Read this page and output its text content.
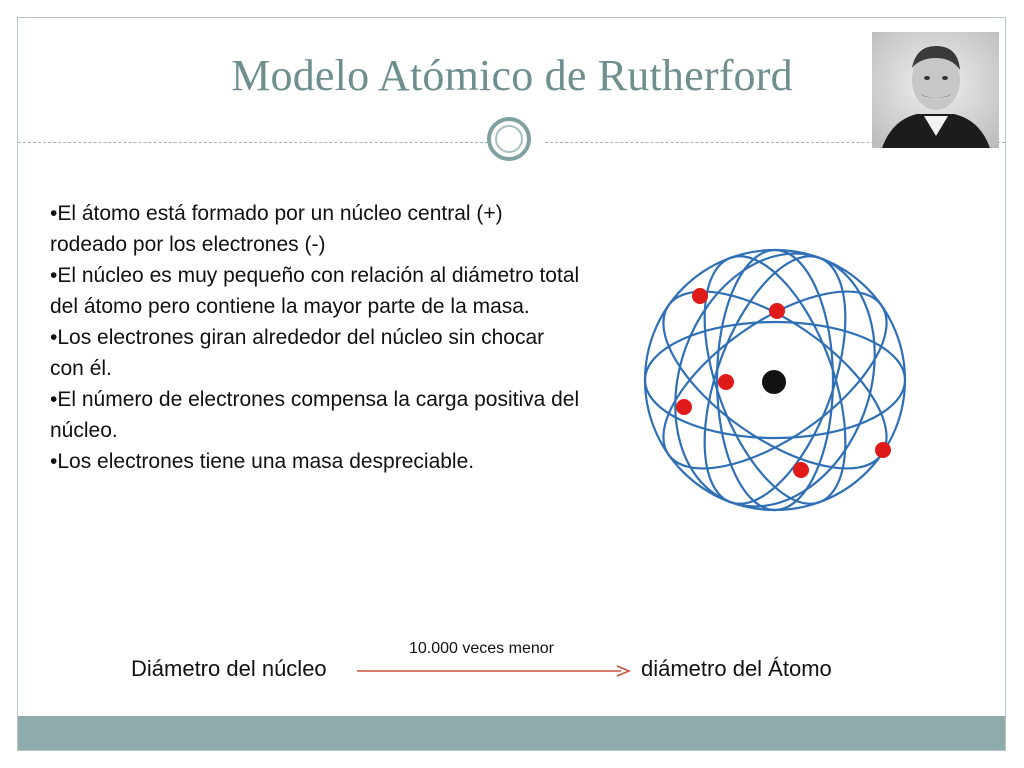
Modelo Atómico de Rutherford
•El átomo está formado por un núcleo central (+) rodeado por los electrones (-)
•El núcleo es muy pequeño con relación al diámetro total del átomo pero contiene la mayor parte de la masa.
•Los electrones giran alrededor del núcleo sin chocar con él.
•El número de electrones compensa la carga positiva del núcleo.
•Los electrones tiene una masa despreciable.
10.000 veces menor
Diámetro del núcleo	diámetro del Átomo
